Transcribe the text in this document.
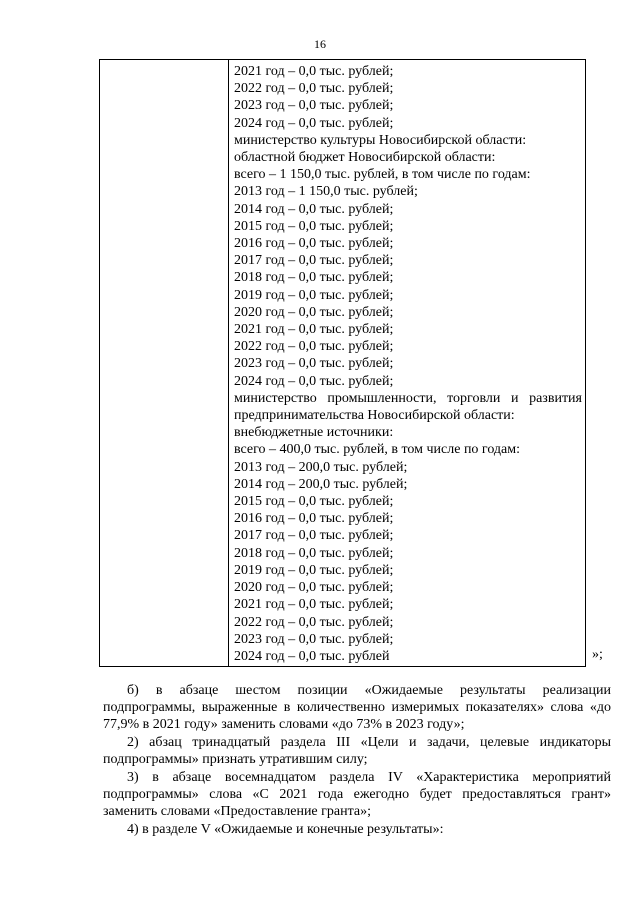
16
2021 год – 0,0 тыс. рублей;
2022 год – 0,0 тыс. рублей;
2023 год – 0,0 тыс. рублей;
2024 год – 0,0 тыс. рублей;
министерство культуры Новосибирской области:
областной бюджет Новосибирской области:
всего – 1 150,0 тыс. рублей, в том числе по годам:
2013 год – 1 150,0 тыс. рублей;
2014 год – 0,0 тыс. рублей;
2015 год – 0,0 тыс. рублей;
2016 год – 0,0 тыс. рублей;
2017 год – 0,0 тыс. рублей;
2018 год – 0,0 тыс. рублей;
2019 год – 0,0 тыс. рублей;
2020 год – 0,0 тыс. рублей;
2021 год – 0,0 тыс. рублей;
2022 год – 0,0 тыс. рублей;
2023 год – 0,0 тыс. рублей;
2024 год – 0,0 тыс. рублей;
министерство промышленности, торговли и развития
предпринимательства Новосибирской области:
внебюджетные источники:
всего – 400,0 тыс. рублей, в том числе по годам:
2013 год – 200,0 тыс. рублей;
2014 год – 200,0 тыс. рублей;
2015 год – 0,0 тыс. рублей;
2016 год – 0,0 тыс. рублей;
2017 год – 0,0 тыс. рублей;
2018 год – 0,0 тыс. рублей;
2019 год – 0,0 тыс. рублей;
2020 год – 0,0 тыс. рублей;
2021 год – 0,0 тыс. рублей;
2022 год – 0,0 тыс. рублей;
2023 год – 0,0 тыс. рублей;
2024 год – 0,0 тыс. рублей	»;
б) в абзаце шестом позиции «Ожидаемые результаты реализации подпрограммы, выраженные в количественно измеримых показателях» слова «до 77,9% в 2021 году» заменить словами «до 73% в 2023 году»;
2) абзац тринадцатый раздела III «Цели и задачи, целевые индикаторы подпрограммы» признать утратившим силу;
3) в абзаце восемнадцатом раздела IV «Характеристика мероприятий подпрограммы» слова «С 2021 года ежегодно будет предоставляться грант» заменить словами «Предоставление гранта»;
4) в разделе V «Ожидаемые и конечные результаты»:
